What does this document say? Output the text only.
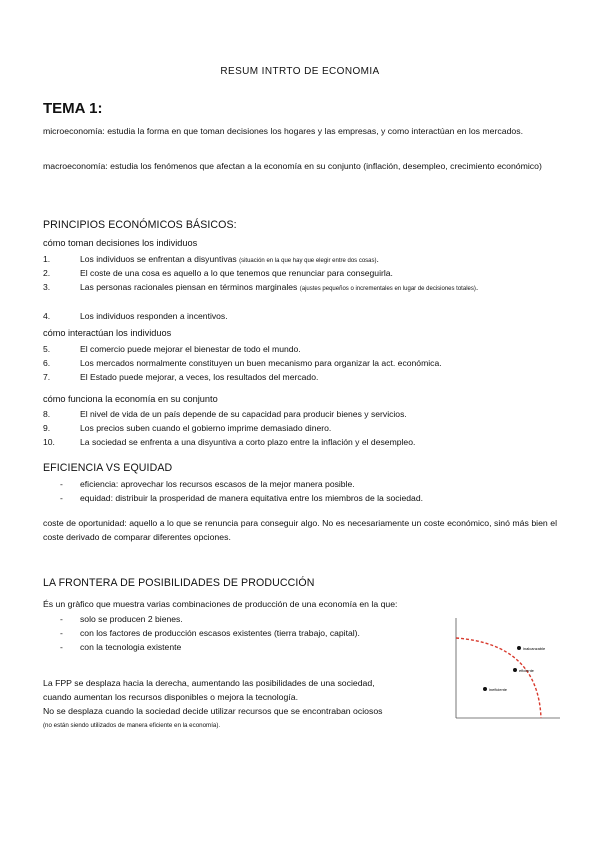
RESUM INTRTO DE ECONOMIA
TEMA 1:
microeconomía: estudia la forma en que toman decisiones los hogares y las empresas, y como interactúan en los mercados.
macroeconomía: estudia los fenómenos que afectan a la economía en su conjunto (inflación, desempleo, crecimiento económico)
PRINCIPIOS ECONÓMICOS BÁSICOS:
cómo toman decisiones los individuos
1.	Los individuos se enfrentan a disyuntivas (situación en la que hay que elegir entre dos cosas).
2.	El coste de una cosa es aquello a lo que tenemos que renunciar para conseguirla.
3.	Las personas racionales piensan en términos marginales (ajustes pequeños o incrementales en lugar de decisiones totales).
4.	Los individuos responden a incentivos.
cómo interactúan los individuos
5.	El comercio puede mejorar el bienestar de todo el mundo.
6.	Los mercados normalmente constituyen un buen mecanismo para organizar la act. económica.
7.	El Estado puede mejorar, a veces, los resultados del mercado.
cómo funciona la economía en su conjunto
8.	El nivel de vida de un país depende de su capacidad para producir bienes y servicios.
9.	Los precios suben cuando el gobierno imprime demasiado dinero.
10.	La sociedad se enfrenta a una disyuntiva a corto plazo entre la inflación y el desempleo.
EFICIENCIA VS EQUIDAD
- eficiencia: aprovechar los recursos escasos de la mejor manera posible.
- equidad: distribuir la prosperidad de manera equitativa entre los miembros de la sociedad.
coste de oportunidad: aquello a lo que se renuncia para conseguir algo. No es necesariamente un coste económico, sinó más bien el coste derivado de comparar diferentes opciones.
LA FRONTERA DE POSIBILIDADES DE PRODUCCIÓN
És un gràfico que muestra varias combinaciones de producción de una economía en la que:
- solo se producen 2 bienes.
- con los factores de producción escasos existentes (tierra trabajo, capital).
- con la tecnologia existente
La FPP se desplaza hacia la derecha, aumentando las posibilidades de una sociedad,
cuando aumentan los recursos disponibles o mejora la tecnología.
No se desplaza cuando la sociedad decide utilizar recursos que se encontraban ociosos
(no están siendo utilizados de manera eficiente en la economía).
inalcanzable
eficiente
ineficiente
